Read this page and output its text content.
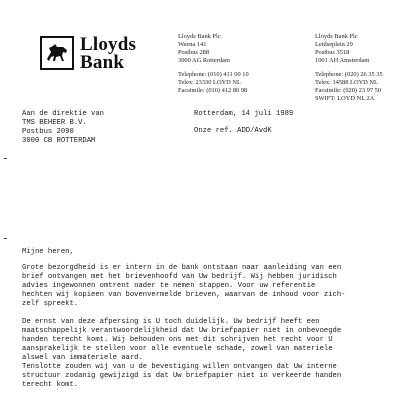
Lloyds
Bank
Lloyds Bank Plc
Weena 141
Postbus 288
3000 AG Rotterdam
Telephone: (010) 411 00 10
Telex: 23330 LOYD NL
Facsimile: (010) 412 80 98
Lloyds Bank Plc
Leidseplein 29
Postbus 3518
1001 AH Amsterdam
Telephone: (020) 26 35 35
Telex: 14588 LOYD NL
Facsimile: (020) 23 97 50
SWIFT: LOYD NL 2A
Aan de direktie van
TMS BEHEER B.V.
Postbus 2090
3000 CB ROTTERDAM
Rotterdam, 14 juli 1989
Onze ref. ADD/AvdK
Mijne heren,
Grote bezorgdheid is er intern in de bank ontstaan naar aanleiding van een
brief ontvangen met het brievenhoofd van Uw bedrijf. Wij hebben juridisch
advies ingewonnen omtrent nader te nemen stappen. Voor uw referentie
hechten wij kopieen van bovenvermelde brieven, waarvan de inhoud voor zich-
zelf spreekt.
De ernst van deze afpersing is U toch duidelijk. Uw bedrijf heeft een
maatschappelijk verantwoordelijkheid dat Uw briefpapier niet in onbevoegde
handen terecht komt. Wij behouden ons met dit schrijven het recht voor U
aansprakelijk te stellen voor alle eventuele schade, zowel van materiele
alswel van immateriele aard.
Tenslotte zouden wij van u de bevestiging willen ontvangen dat Uw interne
structuur zodanig gewijzigd is dat Uw briefpapier niet in verkeerde handen
terecht komt.
